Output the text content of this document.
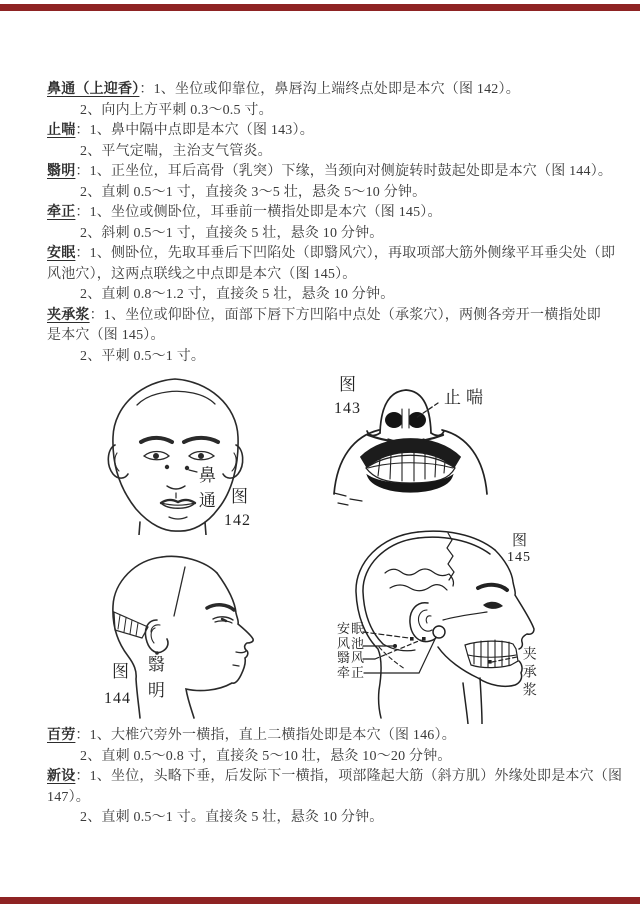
鼻通（上迎香）：1、坐位或仰靠位，鼻唇沟上端终点处即是本穴（图 142）。
2、向内上方平刺 0.3～0.5 寸。
止喘：1、鼻中隔中点即是本穴（图 143）。
2、平气定喘，主治支气管炎。
翳明：1、正坐位，耳后高骨（乳突）下缘，当颈向对侧旋转时鼓起处即是本穴（图 144）。
2、直刺 0.5～1 寸，直接灸 3～5 壮，悬灸 5～10 分钟。
牵正：1、坐位或侧卧位，耳垂前一横指处即是本穴（图 145）。
2、斜刺 0.5～1 寸，直接灸 5 壮，悬灸 10 分钟。
安眠：1、侧卧位，先取耳垂后下凹陷处（即翳风穴），再取项部大筋外侧缘平耳垂尖处（即
风池穴），这两点联线之中点即是本穴（图 145）。
2、直刺 0.8～1.2 寸，直接灸 5 壮，悬灸 10 分钟。
夹承浆：1、坐位或仰卧位，面部下唇下方凹陷中点处（承浆穴），两侧各旁开一横指处即
是本穴（图 145）。
2、平刺 0.5～1 寸。
百劳：1、大椎穴旁外一横指，直上二横指处即是本穴（图 146）。
2、直刺 0.5～0.8 寸，直接灸 5～10 壮，悬灸 10～20 分钟。
新设：1、坐位，头略下垂，后发际下一横指，项部隆起大筋（斜方肌）外缘处即是本穴（图
147）。
2、直刺 0.5～1 寸。直接灸 5 壮，悬灸 10 分钟。
鼻通 图
142
图
143
止喘
图
144 翳明
图
145
安眠
风池
翳风
牵正	夹承浆
